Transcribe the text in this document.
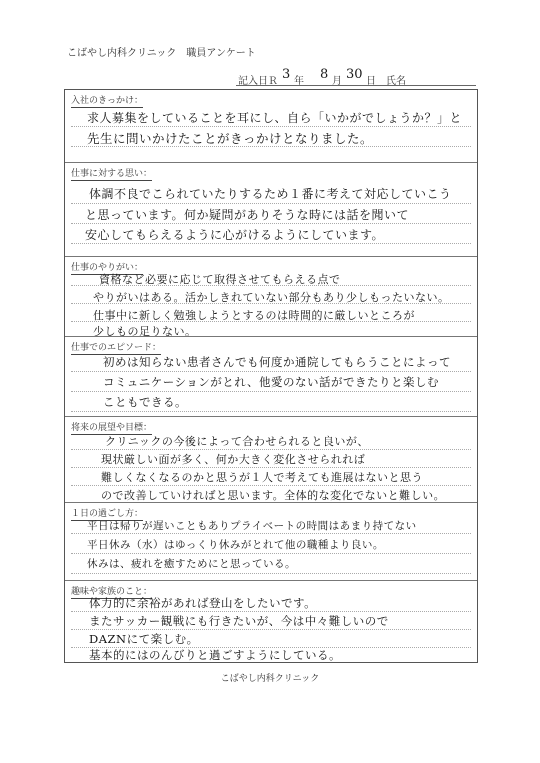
こばやし内科クリニック　職員アンケート
記入日Ｒ 3 年 8 月 30 日 氏名
入社のきっかけ：
求人募集をしていることを耳にし、自ら「いかがでしょうか？」と
先生に問いかけたことがきっかけとなりました。
仕事に対する思い：
体調不良でこられていたりするため１番に考えて対応していこう
と思っています。何か疑問がありそうな時には話を聞いて
安心してもらえるように心がけるようにしています。
仕事のやりがい：
資格など必要に応じて取得させてもらえる点で
やりがいはある。活かしきれていない部分もあり少しもったいない。
仕事中に新しく勉強しようとするのは時間的に厳しいところが
少しもの足りない。
仕事でのエピソード：
初めは知らない患者さんでも何度か通院してもらうことによって
コミュニケーションがとれ、他愛のない話ができたりと楽しむ
こともできる。
将来の展望や目標：
クリニックの今後によって合わせられると良いが、
現状厳しい面が多く、何か大きく変化させられれば
難しくなくなるのかと思うが１人で考えても進展はないと思う
ので改善していければと思います。全体的な変化でないと難しい。
１日の過ごし方：
平日は帰りが遅いこともありプライベートの時間はあまり持てない
平日休み（水）はゆっくり休みがとれて他の職種より良い。
休みは、疲れを癒すためにと思っている。
趣味や家族のこと：
体力的に余裕があれば登山をしたいです。
またサッカー観戦にも行きたいが、今は中々難しいので
DAZNにて楽しむ。
基本的にはのんびりと過ごすようにしている。
こばやし内科クリニック
